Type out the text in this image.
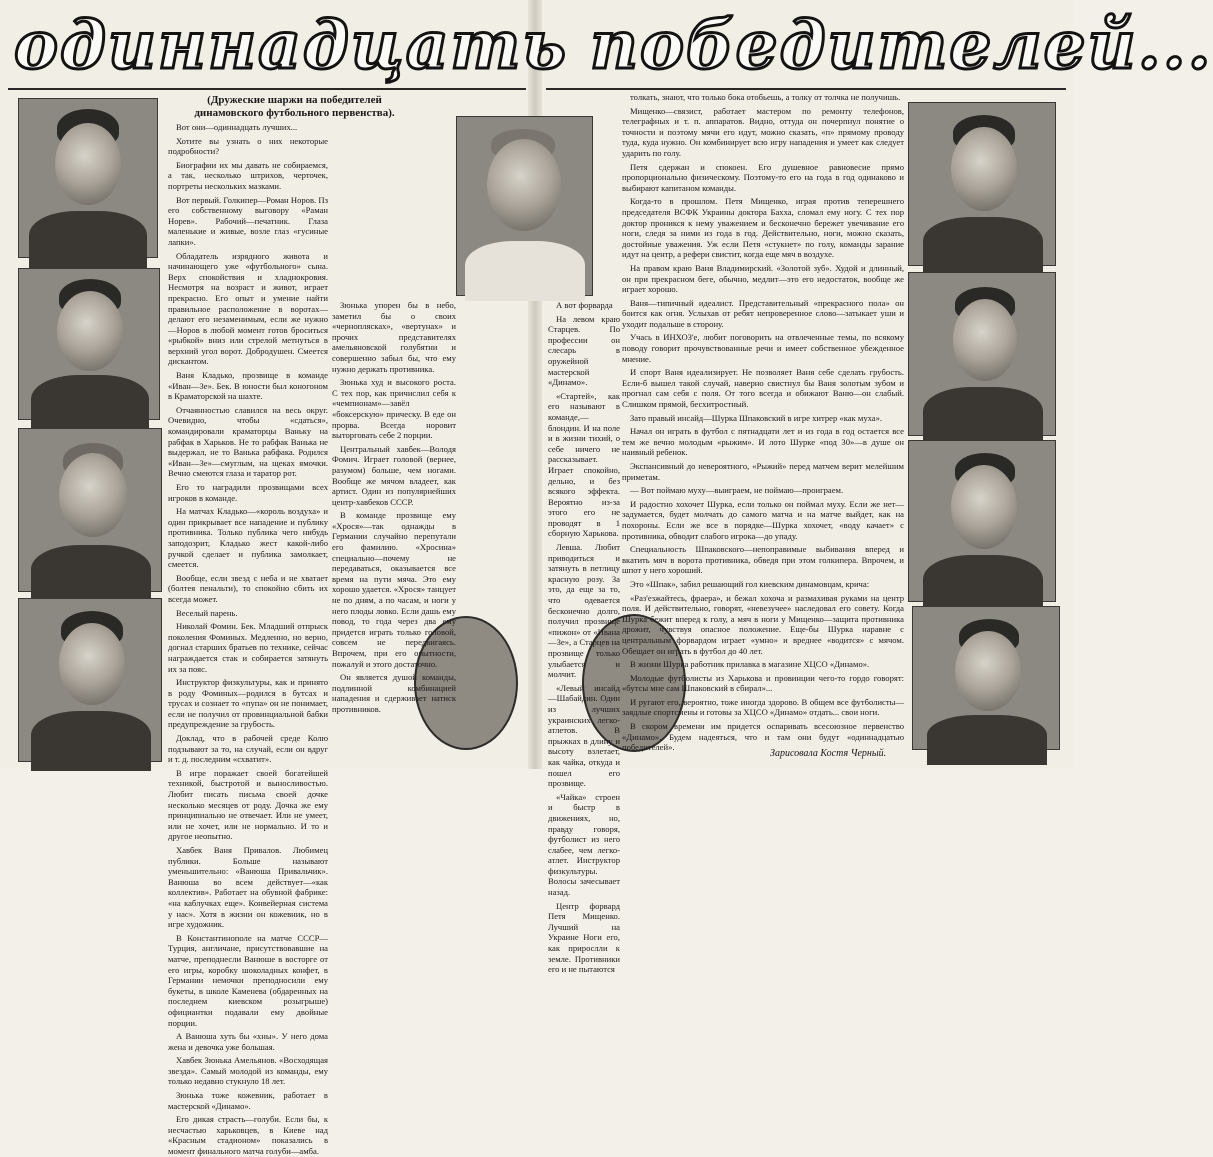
одиннадцать победителей...
(Дружеские шаржи на победителей динамовского футбольного первенства).

Вот они—одиннадцать лучших...

Хотите вы узнать о них некоторые подробности?

Биографии их мы давать не собираемся, а так, несколько штрихов, черточек, портреты нескольких мазками.

Вот первый. Голкипер—Роман Норов. Пз его собственному выговору «Раман Норев». Рабочий—печатник. Глаза маленькие и живые, возле глаз «гусиные лапки».

Обладатель изрядного живота и начинающего уже «футбольного» сына. Верх спокойствия и хладнокровия. Несмотря на возраст и живот, играет прекрасно. Его опыт и умение найти правильное расположение в воротах—делают его незаменимым, если же нужно—Норов в любой момент готов броситься «рыбкой» вниз или стрелой метнуться в верхний угол ворот. Добродушен. Смеется дискантом.

Ваня Кладько, прозвище в команде «Иван—Зе». Бек. В юности был коногоном в Краматорской на шахте.

Отчаянностью славился на весь округ. Очевидно, чтобы «сдаться», командировали краматорцы Ваньку на рабфак в Харьков. Не то рабфак Ванька не выдержал, не то Ванька рабфака. Родился «Иван—Зе»—смуглым, на щеках ямочки. Вечно смеются глаза и таратор рот.

Его то наградили прозвищами всех игроков в команде.

На матчах Кладько—«король воздуха» и один прикрывает все нападение и публику противника. Только публика чего нибудь заподозрит, Кладько жест какой-либо ручкой сделает и публика замолкает, смеется.

Вообще, если звезд с неба и не хватает (болтея пенальти), то спокойно сбить их всегда может.

Веселый парень.

Николай Фомин. Бек. Младший отпрыск поколения Фоминых. Медленно, но верно, догнал старших братьев по технике, сейчас награждается стак и собирается затянуть их за пояс.

Инструктор физкультуры, как и принято в роду Фоминых—родился в бутсах и трусах и сознает то «пупа» он не понимает, если не получил от провинциальной бабки предупреждение за грубость.

Доклад, что в рабочей среде Колю подзывают за то, на случай, если он вдруг и т. д. последним «схватит».

В игре поражает своей богатейшей техникой, быстротой и выносливостью. Любит писать письма своей дочке несколько месяцев от роду. Дочка же ему принципиально не отвечает. Или не умеет, или не хочет, или не нормально. И то и другое неопытно.

Хавбек Ваня Привалов. Любимец публики. Больше называют уменьшительно: «Ванюша Привальчик». Ванюша во всем действует—«как коллектив». Работает на обувной фабрике: «на каблучках еще». Конвейерная система у нас». Хотя в жизни он кожевник, но в игре художник.

В Константинополе на матче СССР—Турция, англичане, присутствовавшие на матче, преподнесли Ванюше в восторге от его игры, коробку шоколадных конфет, в Германии немочки преподносили ему букеты, в школе Каменева (обдаренных на последнем киевском розыгрыше) официантки подавали ему двойные порции.

А Ванюша хуть бы «хны». У него дома жена и девочка уже большая.

Хавбек Зюнька Амельянов. «Восходящая звезда». Самый молодой из команды, ему только недавно стукнуло 18 лет.

Зюнька тоже кожевник, работает в мастерской «Динамо».

Его дикая страсть—голуби. Если бы, к несчастью харьковцев, в Киеве над «Красным стадионом» показались в момент финального матча голуби—амба.

А вот форварда

На левом краю Старцев. По профессии он слесарь в оружейной мастерской «Динамо».

«Стартей», как его называют в команде,—блондин. И на поле и в жизни тихий, о себе ничего не рассказывает. Играет спокойно, дельно, и без всякого эффекта. Вероятно из-за этого его не проводят в 1 сборную Харькова.

Левша. Любит приводиться и затянуть в петлицу красную розу. За это, да еще за то, что одевается бесконечно долго, получил прозвище «пижон» от «Ивана—Зе», а Старцев на прозвище только улыбается и молчит.

«Левый инсайд—Шабайдин. Один из лучших украинских легко-атлетов. В прыжках в длину и высоту взлетает, как чайка, откуда и пошел его прозвище.

«Чайка» строен и быстр в движениях, но, правду говоря, футболист из него слабее, чем легко-атлет. Инструктор физкультуры. Волосы зачесывает назад.

Центр форвард Петя Мищенко. Лучший на Украине Ноги его, как прирослли к земле. Противники его и не пытаются

толкать, знают, что только бока отобьешь, а толку от толчка не получишь.

Мищенко—связист, работает мастером по ремонту телефонов, телеграфных и т. п. аппаратов. Видно, оттуда он почерпнул понятие о точности и поэтому мячи его идут, можно сказать, «п» прямому проводу туда, куда нужно. Он комбинирует всю игру нападения и умеет как следует ударить по голу.

Петя сдержан и спокоен. Его душевное равновесие прямо пропорционально физическому. Поэтому-то его на года в год одинаково и выбирают капитаном команды.

Когда-то в прошлом. Петя Мищенко, играя против теперешнего председателя ВСФК Украины доктора Бахха, сломал ему ногу. С тех пор доктор проникся к нему уважением и бесконечно бережет увечивание его ноги, следя за ними из года в год. Действительно, ноги, можно сказать, достойные уважения. Уж если Петя «стукнет» по голу, команды зарание идут на центр, а рефери свистит, когда еще мяч в воздухе.

На правом краю Ваня Владимирский. «Золотой зуб». Худой и длинный, он при прекрасном беге, обычно, медлит—это его недостаток, вообще же играет хорошо.

Ваня—типичный идеалист. Представительный «прекрасного пола» он боится как огня. Услыхав от ребят непроверенное слово—затыкает уши и уходит подальше в сторону.

Учась в ИНХОЗ'е, любит поговорить на отвлеченные темы, по всякому поводу говорит прочувствованные речи и имеет собственное убежденное мнение.

И спорт Ваня идеализирует. Не позволяет Ваня себе сделать грубость. Если-б вышел такой случай, наверно свистнул бы Ваня золотым зубом и прогнал сам себя с поля. От того всегда и обижают Ваню—он слабый. Слишком прямой, бесхитростный.

Зато правый инсайд—Шурка Шпаковский в игре хитрер «как муха».

Начал он играть в футбол с пятнадцати лет и из года в год остается все тем же вечно молодым «рыжим». И лото Шурке «под 30»—в душе он наивный ребенок.

Экспансивный до невероятного, «Рыжий» перед матчем верит мелейшим приметам.

— Вот поймаю муху—выиграем, не поймаю—проиграем.

И радостно хохочет Шурка, если только он поймал муху. Если же нет—задумается, будет молчать до самого матча и на матче выйдет, как на похороны. Если же все в порядке—Шурка хохочет, «воду качает» с противника, обводит слабого игрока—до упаду.

Специальность Шпаковского—непоправимые выбивания вперед и вкатить мяч в ворота противника, обведя при этом голкипера. Впрочем, и шпот у него хороший.

Это «Шпак», забил решающий гол киевским динамовцам, крича:

«Раз'езжайтесь, фраера», и бежал хохоча и размахивая руками на центр поля. И действительно, говорят, «невезучее» наследовал его совету. Когда Шурка бежит вперед к голу, а мяч в ноги у Мищенко—защита противника дрожит, чувствуя опасное положение. Еще-бы Шурка наравне с центральным форвардом играет «умно» и вреднее «водится» с мячом. Обещает он играть в футбол до 40 лет.

В жизни Шурка работник прилавка в магазине ХЦСО «Динамо».

Молодые футболисты из Харькова и провинции чего-то гордо говорят: «бутсы мне сам Шпаковский в сбирал»...

И ругают его, вероятно, тоже иногда здорово. В общем все футболисты—заядлые спортсмены и готовы за ХЦСО «Динамо» отдать... свои ноги.

В скором времени им придется оспаривать всесоюзное первенство «Динамо». Будем надеяться, что и там они будут «одиннадцатью победителей».

Зюнька упорен бы в небо, заметил бы о своих «черноплясках», «вертунах» и прочих представителях амельяновской голубятни и совершенно забыл бы, что ему нужно держать противника.

Зюнька худ и высокого роста. С тех пор, как причислил себя к «чемпионам»—завёл «боксерскую» прическу. В еде он прорва. Всегда норовит выторговать себе 2 порции.

Центральный хавбек—Володя Фомич. Играет головой (вернее, разумом) больше, чем ногами. Вообще же мячом владеет, как артист. Один из популярнейших центр-хавбеков СССР.

В команде прозвище ему «Хрося»—так однажды в Германии случайно перепутали его фамилию. «Хросина» специально—почему не передаваться, оказывается все время на пути мяча. Это ему хорошо удается. «Хрося» танцует не по дням, а по часам, и ноги у него плоды ловко. Если дашь ему повод, то года через два ему придется играть только головой, совсем не передвигаясь. Впрочем, при его опытности, пожалуй и этого достаточно.

Он является душой команды, подлинной комбинацией нападения и сдерживает натиск противников.

Зарисовала Костя Черный.
